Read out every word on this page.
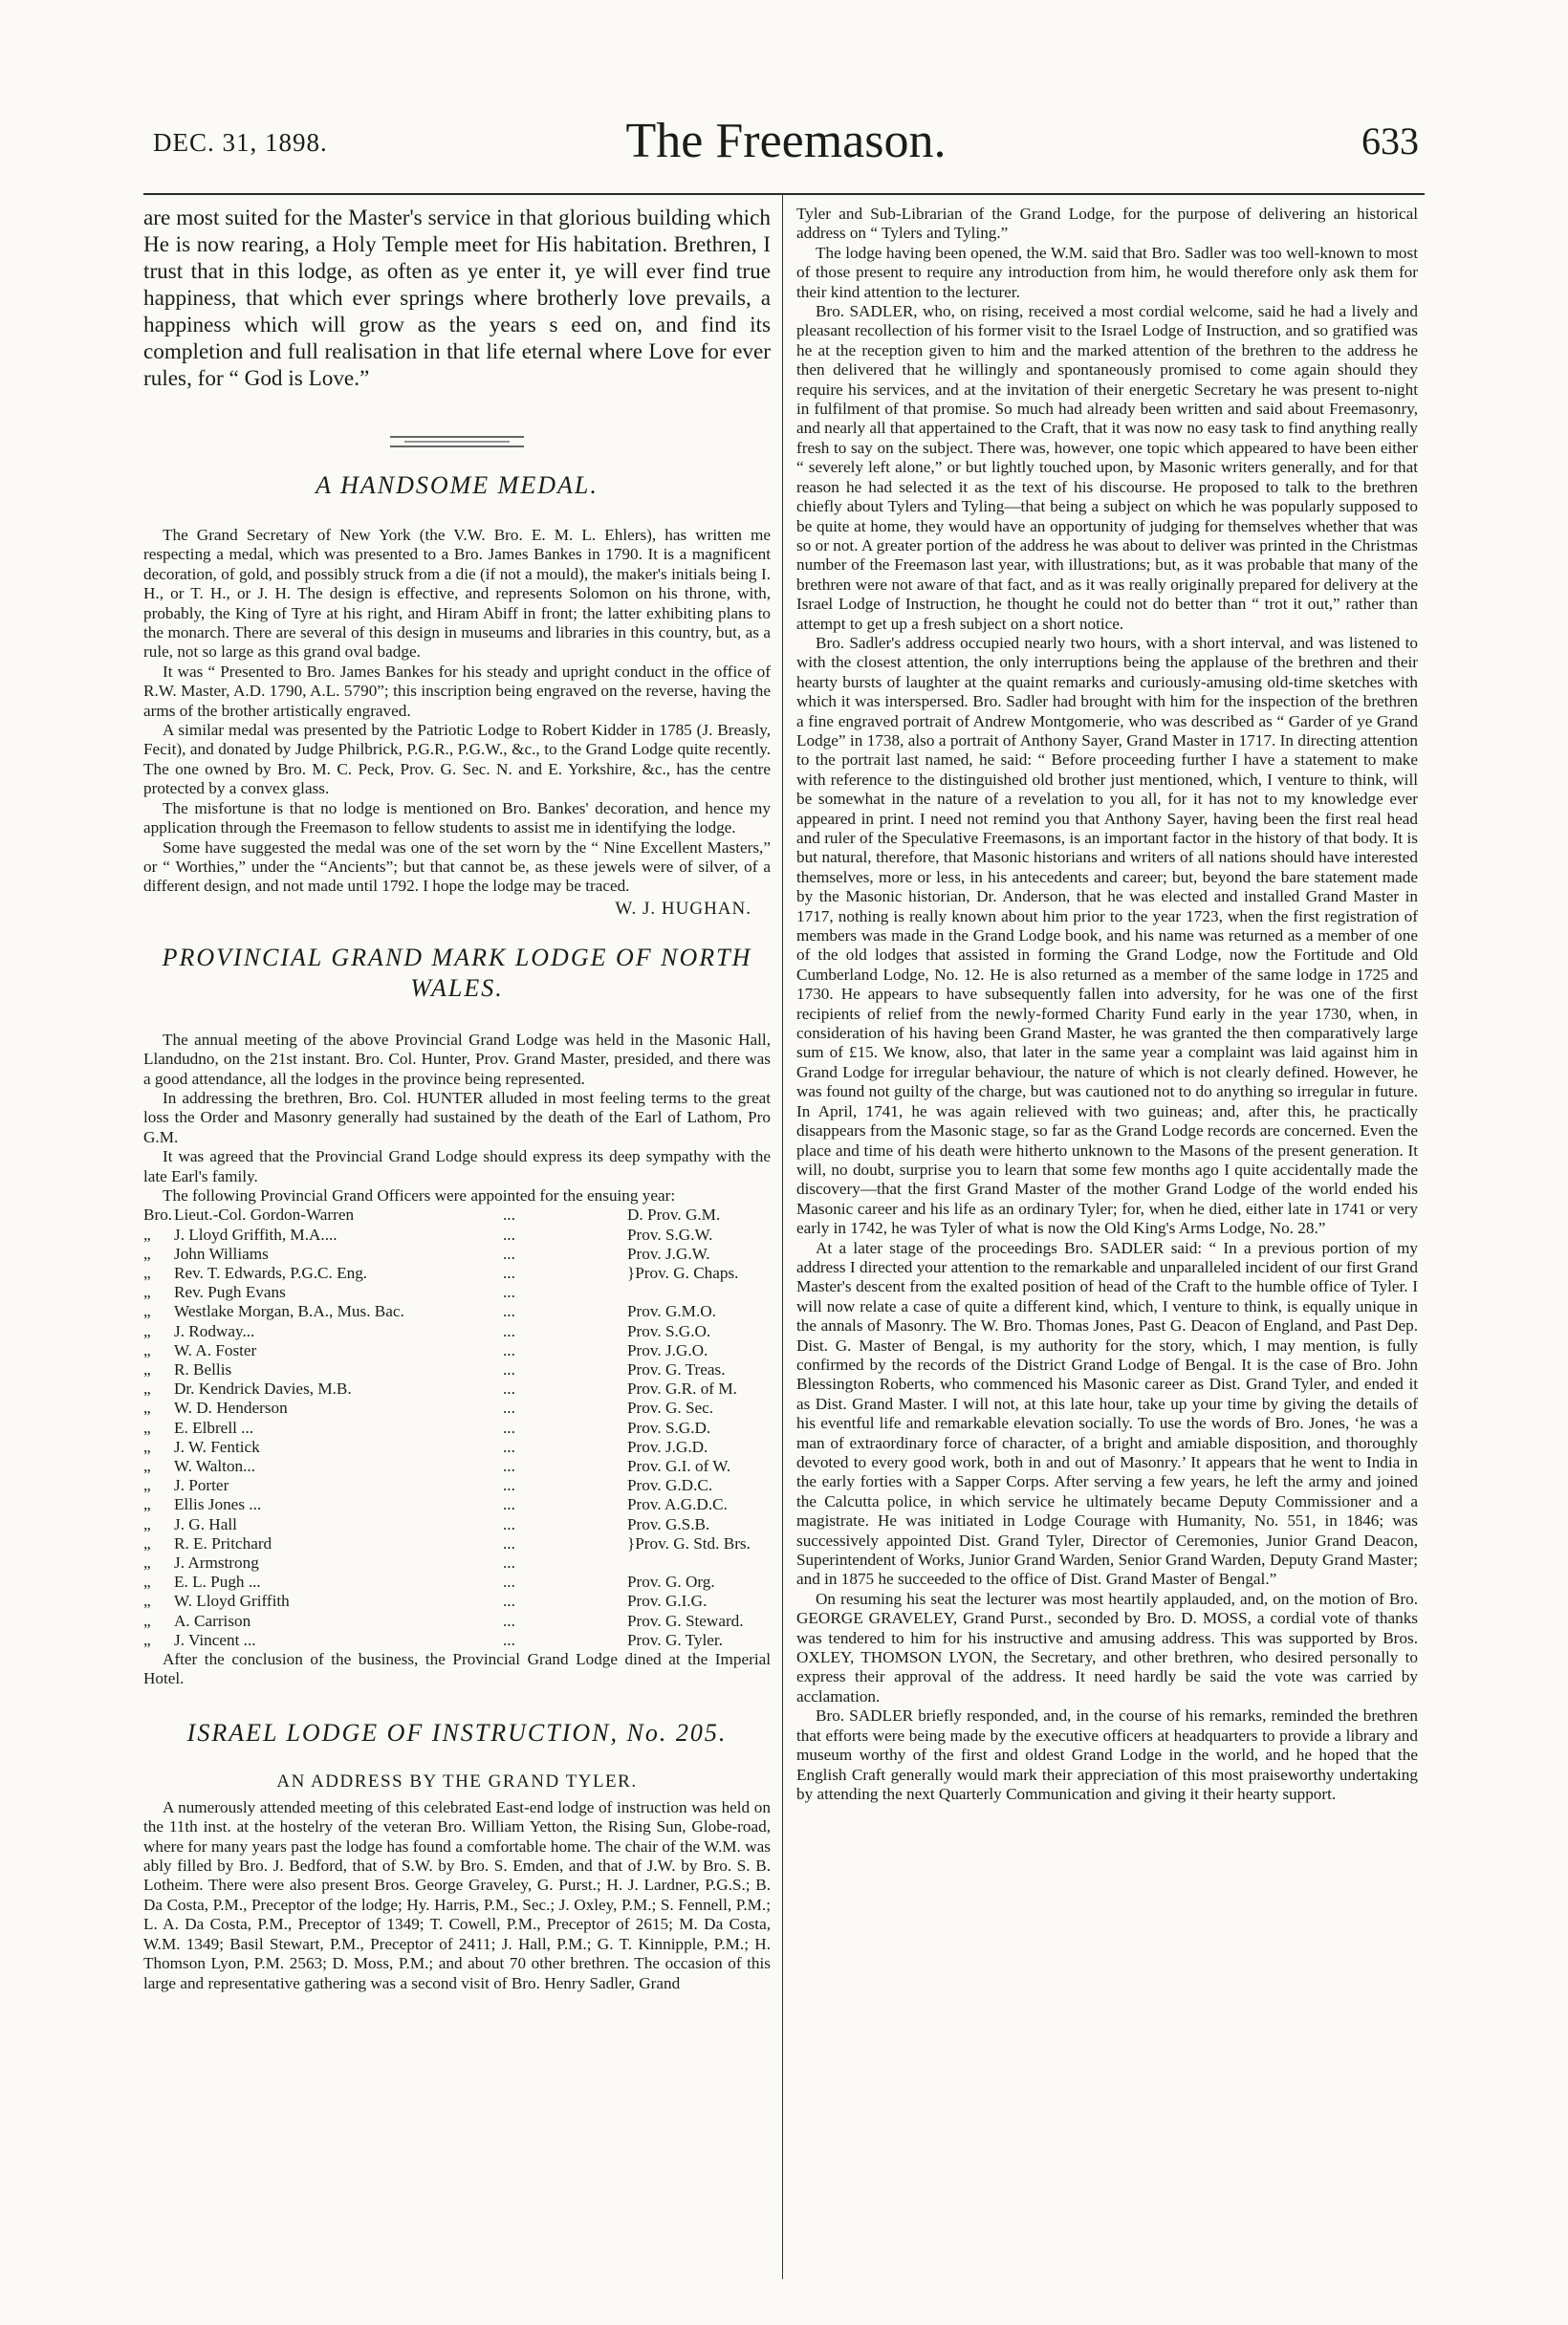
DEC. 31, 1898.	The Freemason.	633

are most suited for the Master's service in that glorious building which He is now rearing, a Holy Temple meet for His habitation. Brethren, I trust that in this lodge, as often as ye enter it, ye will ever find true happiness, that which ever springs where brotherly love prevails, a happiness which will grow as the years s eed on, and find its completion and full realisation in that life eternal where Love for ever rules, for “ God is Love.”

A HANDSOME MEDAL.

The Grand Secretary of New York (the V.W. Bro. E. M. L. Ehlers), has written me respecting a medal, which was presented to a Bro. James Bankes in 1790. It is a magnificent decoration, of gold, and possibly struck from a die (if not a mould), the maker's initials being I. H., or T. H., or J. H. The design is effective, and represents Solomon on his throne, with, probably, the King of Tyre at his right, and Hiram Abiff in front; the latter exhibiting plans to the monarch. There are several of this design in museums and libraries in this country, but, as a rule, not so large as this grand oval badge.

It was “ Presented to Bro. James Bankes for his steady and upright conduct in the office of R.W. Master, A.D. 1790, A.L. 5790”; this inscription being engraved on the reverse, having the arms of the brother artistically engraved.

A similar medal was presented by the Patriotic Lodge to Robert Kidder in 1785 (J. Breasly, Fecit), and donated by Judge Philbrick, P.G.R., P.G.W., &c., to the Grand Lodge quite recently. The one owned by Bro. M. C. Peck, Prov. G. Sec. N. and E. Yorkshire, &c., has the centre protected by a convex glass.

The misfortune is that no lodge is mentioned on Bro. Bankes' decoration, and hence my application through the Freemason to fellow students to assist me in identifying the lodge.

Some have suggested the medal was one of the set worn by the “ Nine Excellent Masters,” or “ Worthies,” under the “Ancients”; but that cannot be, as these jewels were of silver, of a different design, and not made until 1792. I hope the lodge may be traced.

W. J. HUGHAN.

PROVINCIAL GRAND MARK LODGE OF NORTH WALES.

The annual meeting of the above Provincial Grand Lodge was held in the Masonic Hall, Llandudno, on the 21st instant. Bro. Col. Hunter, Prov. Grand Master, presided, and there was a good attendance, all the lodges in the province being represented.

In addressing the brethren, Bro. Col. HUNTER alluded in most feeling terms to the great loss the Order and Masonry generally had sustained by the death of the Earl of Lathom, Pro G.M.

It was agreed that the Provincial Grand Lodge should express its deep sympathy with the late Earl's family.

The following Provincial Grand Officers were appointed for the ensuing year:

Bro. Lieut.-Col. Gordon-Warren	...	D. Prov. G.M.
„	J. Lloyd Griffith, M.A....	...	Prov. S.G.W.
„	John Williams	...	Prov. J.G.W.
„	Rev. T. Edwards, P.G.C. Eng.	...	}Prov. G. Chaps.
„	Rev. Pugh Evans	...
„	Westlake Morgan, B.A., Mus. Bac.	...	Prov. G.M.O.
„	J. Rodway...	...	Prov. S.G.O.
„	W. A. Foster	...	Prov. J.G.O.
„	R. Bellis	...	Prov. G. Treas.
„	Dr. Kendrick Davies, M.B.	...	Prov. G.R. of M.
„	W. D. Henderson	...	Prov. G. Sec.
„	E. Elbrell ...	...	Prov. S.G.D.
„	J. W. Fentick	...	Prov. J.G.D.
„	W. Walton...	...	Prov. G.I. of W.
„	J. Porter	...	Prov. G.D.C.
„	Ellis Jones ...	...	Prov. A.G.D.C.
„	J. G. Hall	...	Prov. G.S.B.
„	R. E. Pritchard	...	}Prov. G. Std. Brs.
„	J. Armstrong	...
„	E. L. Pugh ...	...	Prov. G. Org.
„	W. Lloyd Griffith	...	Prov. G.I.G.
„	A. Carrison	...	Prov. G. Steward.
„	J. Vincent ...	...	Prov. G. Tyler.

After the conclusion of the business, the Provincial Grand Lodge dined at the Imperial Hotel.

ISRAEL LODGE OF INSTRUCTION, No. 205.
AN ADDRESS BY THE GRAND TYLER.

A numerously attended meeting of this celebrated East-end lodge of instruction was held on the 11th inst. at the hostelry of the veteran Bro. William Yetton, the Rising Sun, Globe-road, where for many years past the lodge has found a comfortable home. The chair of the W.M. was ably filled by Bro. J. Bedford, that of S.W. by Bro. S. Emden, and that of J.W. by Bro. S. B. Lotheim. There were also present Bros. George Graveley, G. Purst.; H. J. Lardner, P.G.S.; B. Da Costa, P.M., Preceptor of the lodge; Hy. Harris, P.M., Sec.; J. Oxley, P.M.; S. Fennell, P.M.; L. A. Da Costa, P.M., Preceptor of 1349; T. Cowell, P.M., Preceptor of 2615; M. Da Costa, W.M. 1349; Basil Stewart, P.M., Preceptor of 2411; J. Hall, P.M.; G. T. Kinnipple, P.M.; H. Thomson Lyon, P.M. 2563; D. Moss, P.M.; and about 70 other brethren. The occasion of this large and representative gathering was a second visit of Bro. Henry Sadler, Grand

Tyler and Sub-Librarian of the Grand Lodge, for the purpose of delivering an historical address on “ Tylers and Tyling.”

The lodge having been opened, the W.M. said that Bro. Sadler was too well-known to most of those present to require any introduction from him, he would therefore only ask them for their kind attention to the lecturer.

Bro. SADLER, who, on rising, received a most cordial welcome, said he had a lively and pleasant recollection of his former visit to the Israel Lodge of Instruction, and so gratified was he at the reception given to him and the marked attention of the brethren to the address he then delivered that he willingly and spontaneously promised to come again should they require his services, and at the invitation of their energetic Secretary he was present to-night in fulfilment of that promise. So much had already been written and said about Freemasonry, and nearly all that appertained to the Craft, that it was now no easy task to find anything really fresh to say on the subject. There was, however, one topic which appeared to have been either “ severely left alone,” or but lightly touched upon, by Masonic writers generally, and for that reason he had selected it as the text of his discourse. He proposed to talk to the brethren chiefly about Tylers and Tyling—that being a subject on which he was popularly supposed to be quite at home, they would have an opportunity of judging for themselves whether that was so or not. A greater portion of the address he was about to deliver was printed in the Christmas number of the Freemason last year, with illustrations; but, as it was probable that many of the brethren were not aware of that fact, and as it was really originally prepared for delivery at the Israel Lodge of Instruction, he thought he could not do better than “ trot it out,” rather than attempt to get up a fresh subject on a short notice.

Bro. Sadler's address occupied nearly two hours, with a short interval, and was listened to with the closest attention, the only interruptions being the applause of the brethren and their hearty bursts of laughter at the quaint remarks and curiously-amusing old-time sketches with which it was interspersed. Bro. Sadler had brought with him for the inspection of the brethren a fine engraved portrait of Andrew Montgomerie, who was described as “ Garder of ye Grand Lodge” in 1738, also a portrait of Anthony Sayer, Grand Master in 1717. In directing attention to the portrait last named, he said: “ Before proceeding further I have a statement to make with reference to the distinguished old brother just mentioned, which, I venture to think, will be somewhat in the nature of a revelation to you all, for it has not to my knowledge ever appeared in print. I need not remind you that Anthony Sayer, having been the first real head and ruler of the Speculative Freemasons, is an important factor in the history of that body. It is but natural, therefore, that Masonic historians and writers of all nations should have interested themselves, more or less, in his antecedents and career; but, beyond the bare statement made by the Masonic historian, Dr. Anderson, that he was elected and installed Grand Master in 1717, nothing is really known about him prior to the year 1723, when the first registration of members was made in the Grand Lodge book, and his name was returned as a member of one of the old lodges that assisted in forming the Grand Lodge, now the Fortitude and Old Cumberland Lodge, No. 12. He is also returned as a member of the same lodge in 1725 and 1730. He appears to have subsequently fallen into adversity, for he was one of the first recipients of relief from the newly-formed Charity Fund early in the year 1730, when, in consideration of his having been Grand Master, he was granted the then comparatively large sum of £15. We know, also, that later in the same year a complaint was laid against him in Grand Lodge for irregular behaviour, the nature of which is not clearly defined. However, he was found not guilty of the charge, but was cautioned not to do anything so irregular in future. In April, 1741, he was again relieved with two guineas; and, after this, he practically disappears from the Masonic stage, so far as the Grand Lodge records are concerned. Even the place and time of his death were hitherto unknown to the Masons of the present generation. It will, no doubt, surprise you to learn that some few months ago I quite accidentally made the discovery—that the first Grand Master of the mother Grand Lodge of the world ended his Masonic career and his life as an ordinary Tyler; for, when he died, either late in 1741 or very early in 1742, he was Tyler of what is now the Old King's Arms Lodge, No. 28.”

At a later stage of the proceedings Bro. SADLER said: “ In a previous portion of my address I directed your attention to the remarkable and unparalleled incident of our first Grand Master's descent from the exalted position of head of the Craft to the humble office of Tyler. I will now relate a case of quite a different kind, which, I venture to think, is equally unique in the annals of Masonry. The W. Bro. Thomas Jones, Past G. Deacon of England, and Past Dep. Dist. G. Master of Bengal, is my authority for the story, which, I may mention, is fully confirmed by the records of the District Grand Lodge of Bengal. It is the case of Bro. John Blessington Roberts, who commenced his Masonic career as Dist. Grand Tyler, and ended it as Dist. Grand Master. I will not, at this late hour, take up your time by giving the details of his eventful life and remarkable elevation socially. To use the words of Bro. Jones, ‘he was a man of extraordinary force of character, of a bright and amiable disposition, and thoroughly devoted to every good work, both in and out of Masonry.’ It appears that he went to India in the early forties with a Sapper Corps. After serving a few years, he left the army and joined the Calcutta police, in which service he ultimately became Deputy Commissioner and a magistrate. He was initiated in Lodge Courage with Humanity, No. 551, in 1846; was successively appointed Dist. Grand Tyler, Director of Ceremonies, Junior Grand Deacon, Superintendent of Works, Junior Grand Warden, Senior Grand Warden, Deputy Grand Master; and in 1875 he succeeded to the office of Dist. Grand Master of Bengal.”

On resuming his seat the lecturer was most heartily applauded, and, on the motion of Bro. GEORGE GRAVELEY, Grand Purst., seconded by Bro. D. MOSS, a cordial vote of thanks was tendered to him for his instructive and amusing address. This was supported by Bros. OXLEY, THOMSON LYON, the Secretary, and other brethren, who desired personally to express their approval of the address. It need hardly be said the vote was carried by acclamation.

Bro. SADLER briefly responded, and, in the course of his remarks, reminded the brethren that efforts were being made by the executive officers at headquarters to provide a library and museum worthy of the first and oldest Grand Lodge in the world, and he hoped that the English Craft generally would mark their appreciation of this most praiseworthy undertaking by attending the next Quarterly Communication and giving it their hearty support.
